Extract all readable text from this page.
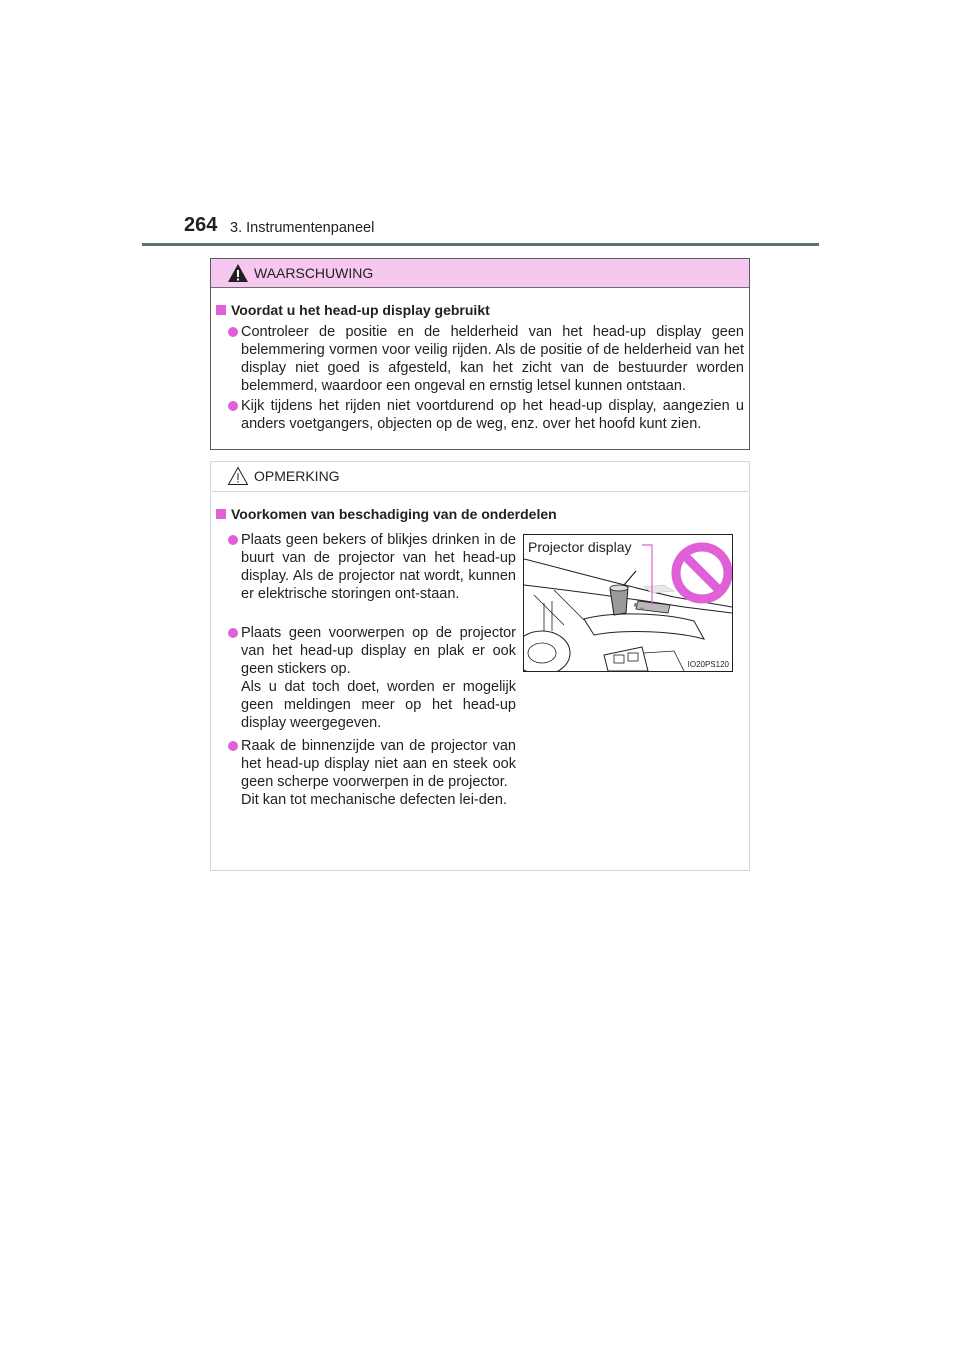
264 3. Instrumentenpaneel
WAARSCHUWING
Voordat u het head-up display gebruikt
Controleer de positie en de helderheid van het head-up display geen belemmering vormen voor veilig rijden. Als de positie of de helderheid van het display niet goed is afgesteld, kan het zicht van de bestuurder worden belemmerd, waardoor een ongeval en ernstig letsel kunnen ontstaan.
Kijk tijdens het rijden niet voortdurend op het head-up display, aangezien u anders voetgangers, objecten op de weg, enz. over het hoofd kunt zien.
OPMERKING
Voorkomen van beschadiging van de onderdelen
Plaats geen bekers of blikjes drinken in de buurt van de projector van het head-up display. Als de projector nat wordt, kunnen er elektrische storingen ont-staan.
Plaats geen voorwerpen op de projector van het head-up display en plak er ook geen stickers op.
Als u dat toch doet, worden er mogelijk geen meldingen meer op het head-up display weergegeven.
Raak de binnenzijde van de projector van het head-up display niet aan en steek ook geen scherpe voorwerpen in de projector.
Dit kan tot mechanische defecten lei-den.
Projector display
IO20PS120
